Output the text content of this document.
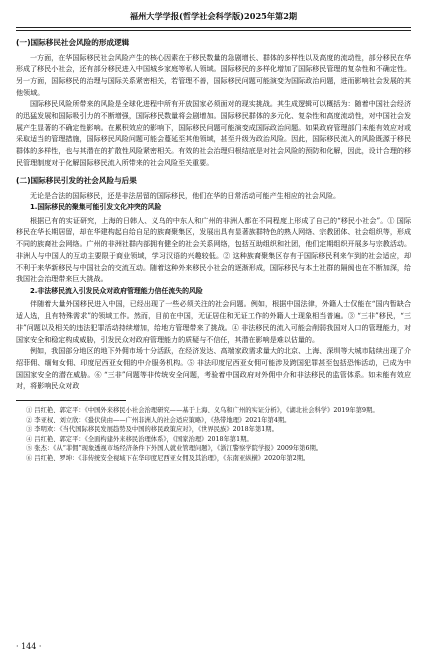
福州大学学报(哲学社会科学版)2025年第2期
(一)国际移民社会风险的形成逻辑

一方面，在华国际移民社会风险产生的核心因素在于移民数量的急剧增长、群体的多样性以及高度的流动性，部分移民在华形成了移民小社会，还有部分移民进入中国城乡家庭等私人领域。国际移民的多样化增加了国际移民管理的复杂性和不确定性。另一方面，国际移民的治理与国际关系紧密相关，若管理不善，国际移民问题可能演变为国际政治问题，进而影响社会发展的其他领域。

国际移民风险所带来的风险是全球化进程中所有开放国家必须面对的现实挑战。其生成逻辑可以概括为：随着中国社会经济的迅猛发展和国际吸引力的不断增强，国际移民数量将会剧增加。国际移民群体的多元化、复杂性和高度流动性，对中国社会发展产生显著的不确定性影响。在累积效应的影响下，国际移民问题可能演变成国际政治问题。如果政府管理部门未能有效应对或采取适当的管理措施，国际移民风险问题可能会蔓延至其他领域，甚至升级为政治风险。因此，国际移民流入的风险既源于移民群体的多样性，也与其潜在的扩散性风险紧密相关。有效的社会治理归根结底是对社会风险的预防和化解，因此，设计合理的移民管理制度对于化解国际移民流入所带来的社会风险至关重要。

(二)国际移民引发的社会风险与后果

无论是合法的国际移民，还是非法居留的国际移民，他们在华的日常活动可能产生相应的社会风险。

1.国际移民的聚集可能引发文化冲突的风险

根据已有的实证研究，上海的日韩人、义乌的中东人和广州的非洲人都在不同程度上形成了自己的“移民小社会”。① 国际移民在华长期居留，却在华建构起自给自足的族裔聚集区，发展出具有显著族群特色的熟人网络、宗教团体、社会组织等，形成不同的族裔社会网络。广州的非洲社群内部拥有健全的社会关系网络，包括互助组织和社团，他们定期组织开展多与宗教活动。非洲人与中国人的互动主要限于商业领域，学习汉语的兴趣较低。② 这种族裔聚集区存有于国际移民利来乍到的社会适应，却不利于来华新移民与中国社会的交流互动。随着这种外来移民小社会的逐渐形成，国际移民与本土社群的隔阂也在不断加深，给我国社会治理带来巨大挑战。

2.非法移民流入引发民众对政府管理能力信任流失的风险

伴随着大量外国移民进入中国，已经出现了一些必须关注的社会问题。例如，根据中国法律，外籍人士仅能在“国内暂缺合适人选，且有特殊需求”的领域工作。然而，目前在中国，无证居住和无证工作的外籍人士现象相当普遍。③ “三非”移民，“三非”问题以及相关的违法犯罪活动持续增加，给地方管理带来了挑战。④ 非法移民的流入可能会削弱我国对人口的管理能力，对国家安全和稳定构成威胁，引发民众对政府管理能力的质疑与不信任，其潜在影响是难以估量的。

例如，我国部分地区的地下外佣市场十分活跃，在经济发达、高端家政需求量大的北京、上海、深圳等大城市陆续出现了介绍菲佣、缅甸女佣、印度尼西亚女佣的中介服务机构。⑤ 非法印度尼西亚女佣可能涉及跨国犯罪甚至包括恐怖活动，已成为中国国家安全的潜在威胁。⑥ “三非”问题等非传统安全问题，考验着中国政府对外佣中介和非法移民的监管体系。如未能有效应对，将影响民众对政

① 吕红艳、郭定平：《中国外来移民小社会治理研究——基于上海、义乌和广州的实证分析》，《湖北社会科学》2019年第9期。
② 李亚权、刘立欣：《蛩伏侠由——广州非洲人的社会适应策略》，《热带地理》2021年第4期。
③ 李明欢：《当代国际移民发展趋势及中国的移民政策应对》，《世界民族》2018年第1期。
④ 吕红艳、郭定平：《全面构建外来移民治理体系》，《国家治理》2018年第1期。
⑤ 张杰：《从“菲佣”现象透视市场经济条件下外国人就业管理问题》，《浙江警察学院学报》2009年第6期。
⑥ 吕红艳、罗坤：《非传统安全视域下在华印度尼西亚女佣及其治理》，《东南亚纵横》2020年第2期。
· 144 ·
